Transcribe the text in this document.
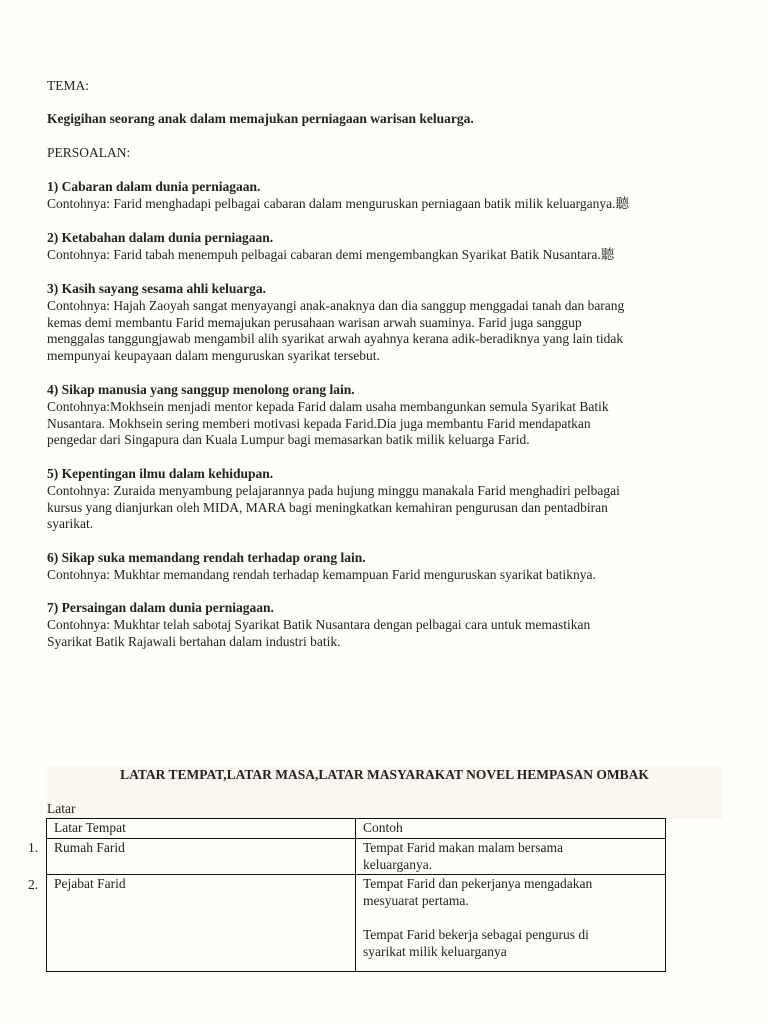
TEMA:
Kegigihan seorang anak dalam memajukan perniagaan warisan keluarga.
PERSOALAN:
1) Cabaran dalam dunia perniagaan.
Contohnya: Farid menghadapi pelbagai cabaran dalam menguruskan perniagaan batik milik keluarganya.聽
2) Ketabahan dalam dunia perniagaan.
Contohnya: Farid tabah menempuh pelbagai cabaran demi mengembangkan Syarikat Batik Nusantara.聽
3) Kasih sayang sesama ahli keluarga.
Contohnya: Hajah Zaoyah sangat menyayangi anak-anaknya dan dia sanggup menggadai tanah dan barang
kemas demi membantu Farid memajukan perusahaan warisan arwah suaminya. Farid juga sanggup
menggalas tanggungjawab mengambil alih syarikat arwah ayahnya kerana adik-beradiknya yang lain tidak
mempunyai keupayaan dalam menguruskan syarikat tersebut.
4) Sikap manusia yang sanggup menolong orang lain.
Contohnya:Mokhsein menjadi mentor kepada Farid dalam usaha membangunkan semula Syarikat Batik
Nusantara. Mokhsein sering memberi motivasi kepada Farid.Dia juga membantu Farid mendapatkan
pengedar dari Singapura dan Kuala Lumpur bagi memasarkan batik milik keluarga Farid.
5) Kepentingan ilmu dalam kehidupan.
Contohnya: Zuraida menyambung pelajarannya pada hujung minggu manakala Farid menghadiri pelbagai
kursus yang dianjurkan oleh MIDA, MARA bagi meningkatkan kemahiran pengurusan dan pentadbiran
syarikat.
6) Sikap suka memandang rendah terhadap orang lain.
Contohnya: Mukhtar memandang rendah terhadap kemampuan Farid menguruskan syarikat batiknya.
7) Persaingan dalam dunia perniagaan.
Contohnya: Mukhtar telah sabotaj Syarikat Batik Nusantara dengan pelbagai cara untuk memastikan
Syarikat Batik Rajawali bertahan dalam industri batik.
LATAR TEMPAT,LATAR MASA,LATAR MASYARAKAT NOVEL HEMPASAN OMBAK
Latar
Latar Tempat	Contoh
Rumah Farid	Tempat Farid makan malam bersama
keluarganya.

Pejabat Farid	Tempat Farid dan pekerjanya mengadakan
mesyuarat pertama.
Tempat Farid bekerja sebagai pengurus di
syarikat milik keluarganya
1.
2.
